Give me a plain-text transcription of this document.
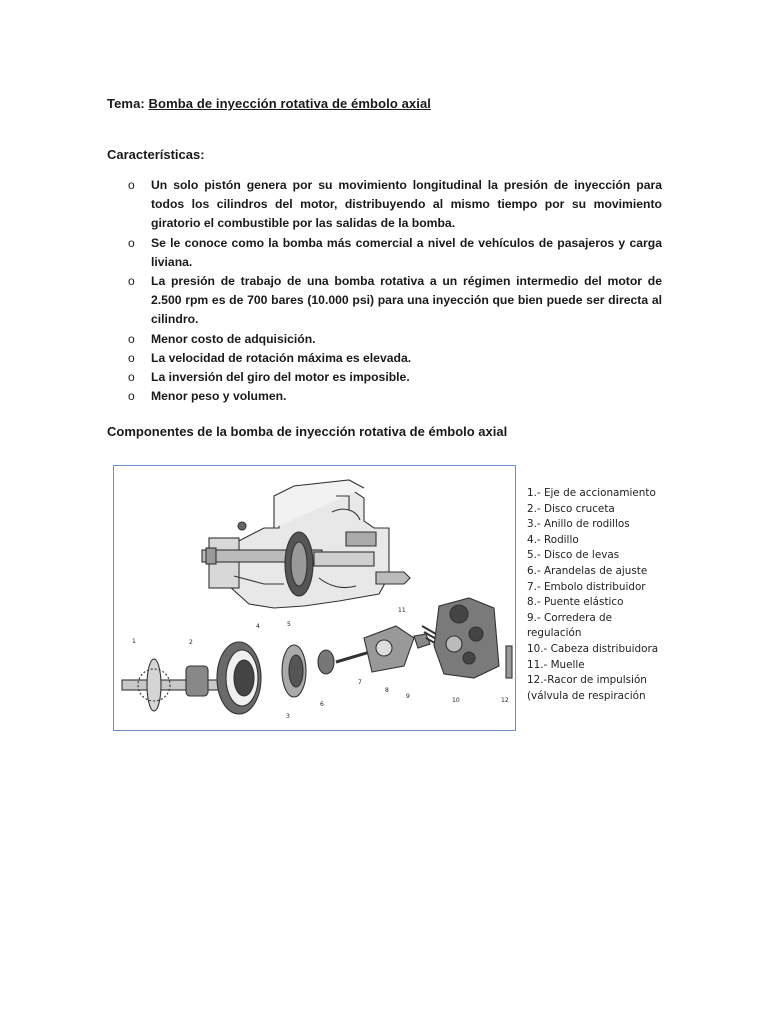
Tema: Bomba de inyección rotativa de émbolo axial
Características:
o Un solo pistón genera por su movimiento longitudinal la presión de inyección para todos los cilindros del motor, distribuyendo al mismo tiempo por su movimiento giratorio el combustible por las salidas de la bomba.
o Se le conoce como la bomba más comercial a nivel de vehículos de pasajeros y carga liviana.
o La presión de trabajo de una bomba rotativa a un régimen intermedio del motor de 2.500 rpm es de 700 bares (10.000 psi) para una inyección que bien puede ser directa al cilindro.
o Menor costo de adquisición.
o La velocidad de rotación máxima es elevada.
o La inversión del giro del motor es imposible.
o Menor peso y volumen.
Componentes de la bomba de inyección rotativa de émbolo axial
1	2
3
4	5
6
7
8
9
10
11
12
1.- Eje de accionamiento
2.- Disco cruceta
3.- Anillo de rodillos
4.- Rodillo
5.- Disco de levas
6.- Arandelas de ajuste
7.- Embolo distribuidor
8.- Puente elástico
9.- Corredera de
regulación
10.- Cabeza distribuidora
11.- Muelle
12.-Racor de impulsión
(válvula de respiración
